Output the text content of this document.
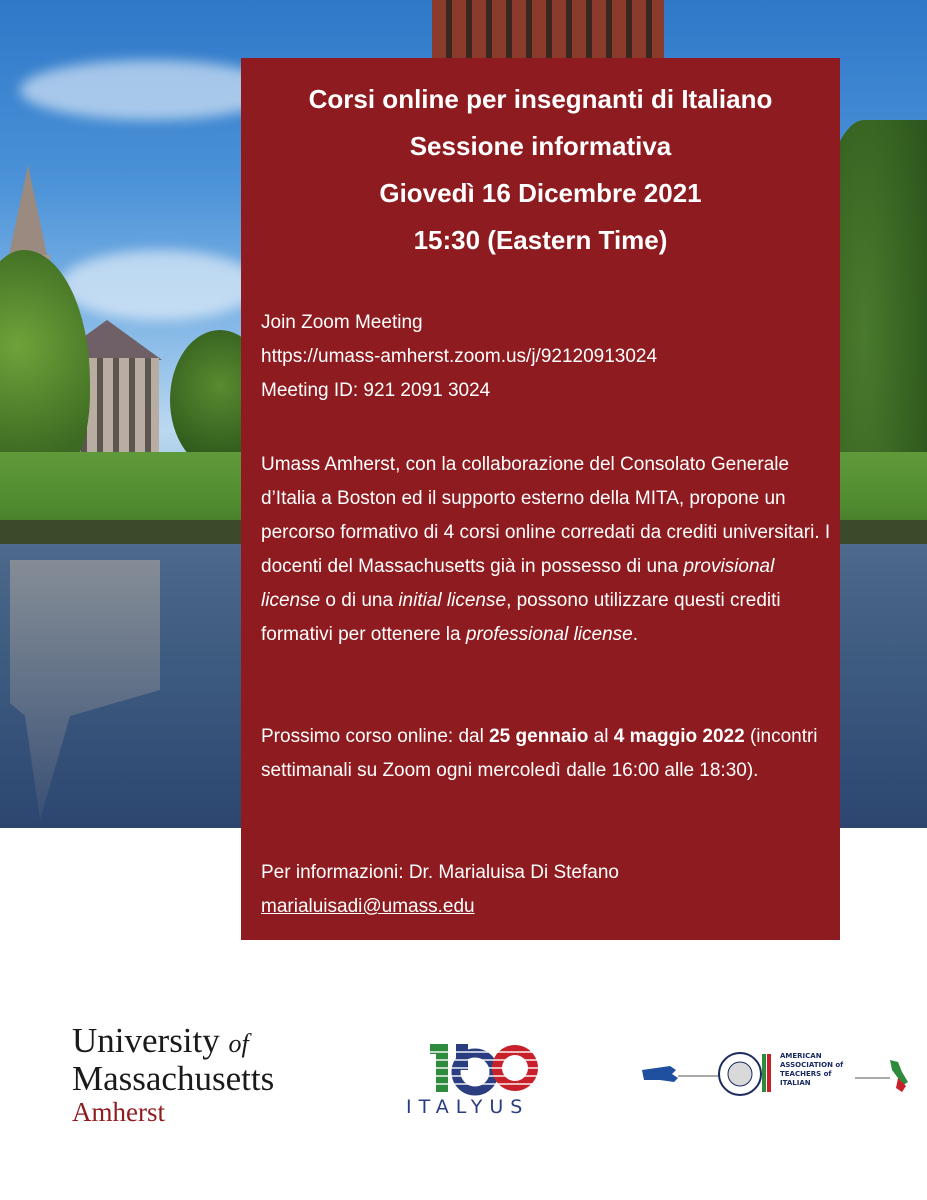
Corsi online per insegnanti di Italiano
Sessione informativa
Giovedì 16 Dicembre 2021
15:30 (Eastern Time)
Join Zoom Meeting
https://umass-amherst.zoom.us/j/92120913024
Meeting ID: 921 2091 3024
Umass Amherst, con la collaborazione del Consolato Generale d’Italia a Boston ed il supporto esterno della MITA, propone un percorso formativo di 4 corsi online corredati da crediti universitari. I docenti del Massachusetts già in possesso di una provisional license o di una initial license, possono utilizzare questi crediti formativi per ottenere la professional license.
Prossimo corso online: dal 25 gennaio al 4 maggio 2022 (incontri settimanali su Zoom ogni mercoledì dalle 16:00 alle 18:30).
Per informazioni: Dr. Marialuisa Di Stefano
marialuisadi@umass.edu
University of
Massachusetts
Amherst	ITALYUS
AMERICAN ASSOCIATION of TEACHERS of ITALIAN
